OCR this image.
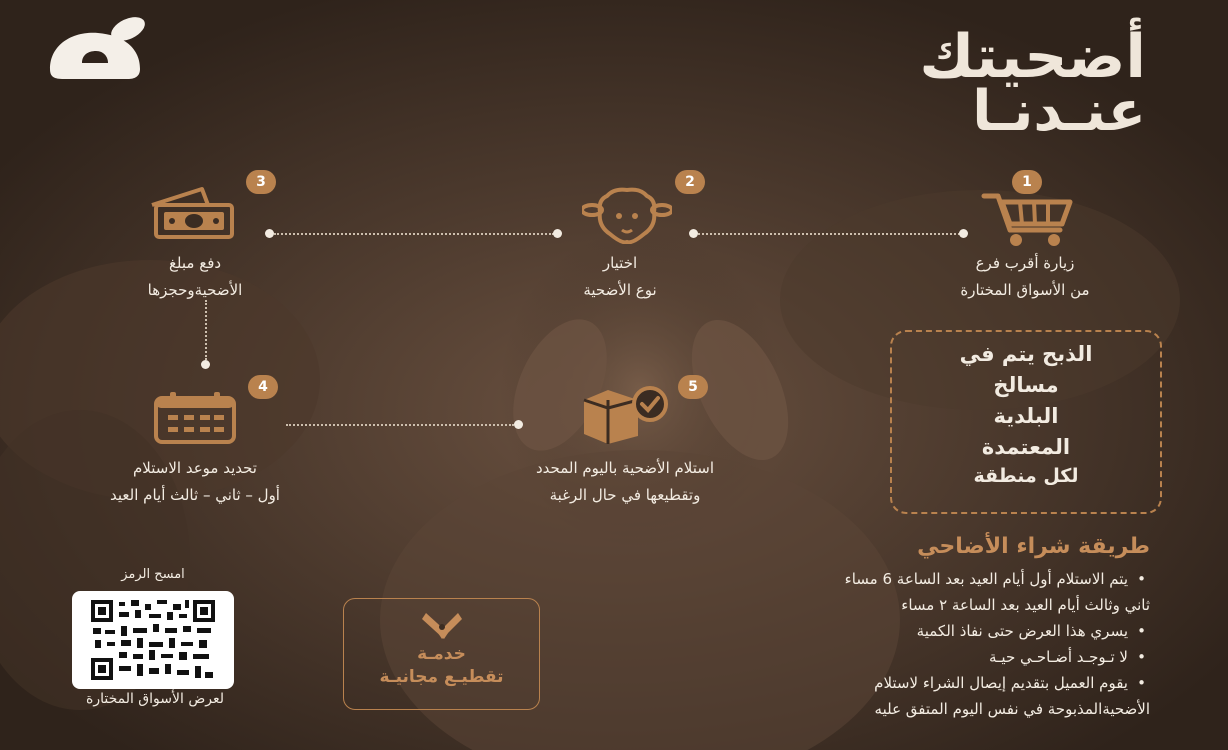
أضحيتك
عنـدنـا
1
زيارة أقرب فرع
من الأسواق المختارة
2
اختيار
نوع الأضحية
3
دفع مبلغ
الأضحيةوحجزها
4
تحديد موعد الاستلام
أول – ثاني – ثالث أيام العيد
5
استلام الأضحية باليوم المحدد
وتقطيعها في حال الرغبة
الذبح يتم في
مسالخ
البلدية
المعتمدة
لكل منطقة
طريقة شراء الأضاحي
•
يتم الاستلام أول أيام العيد بعد الساعة 6 مساء
ثاني وثالث أيام العيد بعد الساعة ٢ مساء
•
يسري هذا العرض حتى نفاذ الكمية
•
لا تـوجـد أضـاحـي حيـة
•
يقوم العميل بتقديم إيصال الشراء لاستلام
الأضحيةالمذبوحة في نفس اليوم المتفق عليه
خدمـة
تقطيـع مجانيـة
امسح الرمز
لعرض الأسواق المختارة
